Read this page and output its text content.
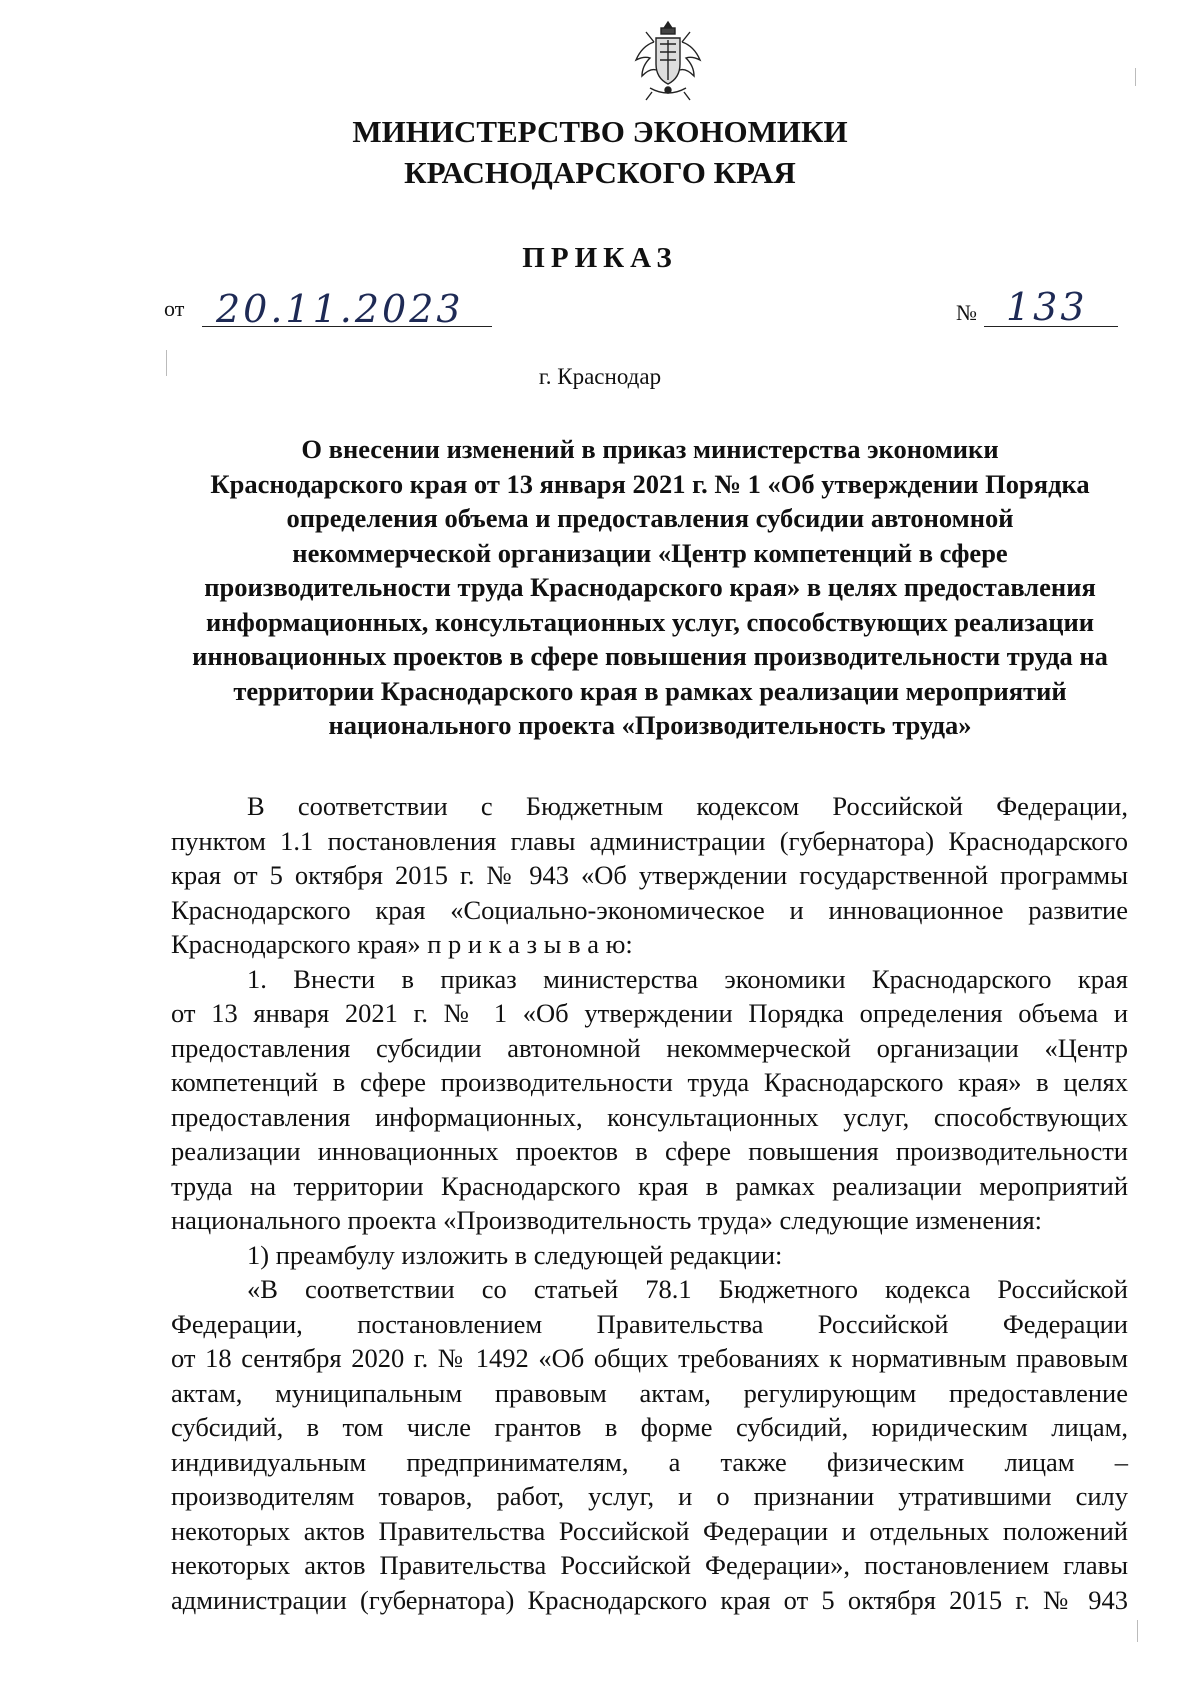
МИНИСТЕРСТВО ЭКОНОМИКИ
КРАСНОДАРСКОГО КРАЯ
ПРИКАЗ
от 20.11.2023	№ 133
г. Краснодар
О внесении изменений в приказ министерства экономики
Краснодарского края от 13 января 2021 г. № 1 «Об утверждении Порядка
определения объема и предоставления субсидии автономной
некоммерческой организации «Центр компетенций в сфере
производительности труда Краснодарского края» в целях предоставления
информационных, консультационных услуг, способствующих реализации
инновационных проектов в сфере повышения производительности труда на
территории Краснодарского края в рамках реализации мероприятий
национального проекта «Производительность труда»
В соответствии с Бюджетным кодексом Российской Федерации,
пунктом 1.1 постановления главы администрации (губернатора) Краснодарского
края от 5 октября 2015 г. № 943 «Об утверждении государственной программы
Краснодарского края «Социально-экономическое и инновационное развитие
Краснодарского края» п р и к а з ы в а ю:
1. Внести в приказ министерства экономики Краснодарского края
от 13 января 2021 г. № 1 «Об утверждении Порядка определения объема и
предоставления субсидии автономной некоммерческой организации «Центр
компетенций в сфере производительности труда Краснодарского края» в целях
предоставления информационных, консультационных услуг, способствующих
реализации инновационных проектов в сфере повышения производительности
труда на территории Краснодарского края в рамках реализации мероприятий
национального проекта «Производительность труда» следующие изменения:
1) преамбулу изложить в следующей редакции:
«В соответствии со статьей 78.1 Бюджетного кодекса Российской
Федерации, постановлением Правительства Российской Федерации
от 18 сентября 2020 г. № 1492 «Об общих требованиях к нормативным правовым
актам, муниципальным правовым актам, регулирующим предоставление
субсидий, в том числе грантов в форме субсидий, юридическим лицам,
индивидуальным предпринимателям, а также физическим лицам –
производителям товаров, работ, услуг, и о признании утратившими силу
некоторых актов Правительства Российской Федерации и отдельных положений
некоторых актов Правительства Российской Федерации», постановлением главы
администрации (губернатора) Краснодарского края от 5 октября 2015 г. № 943
